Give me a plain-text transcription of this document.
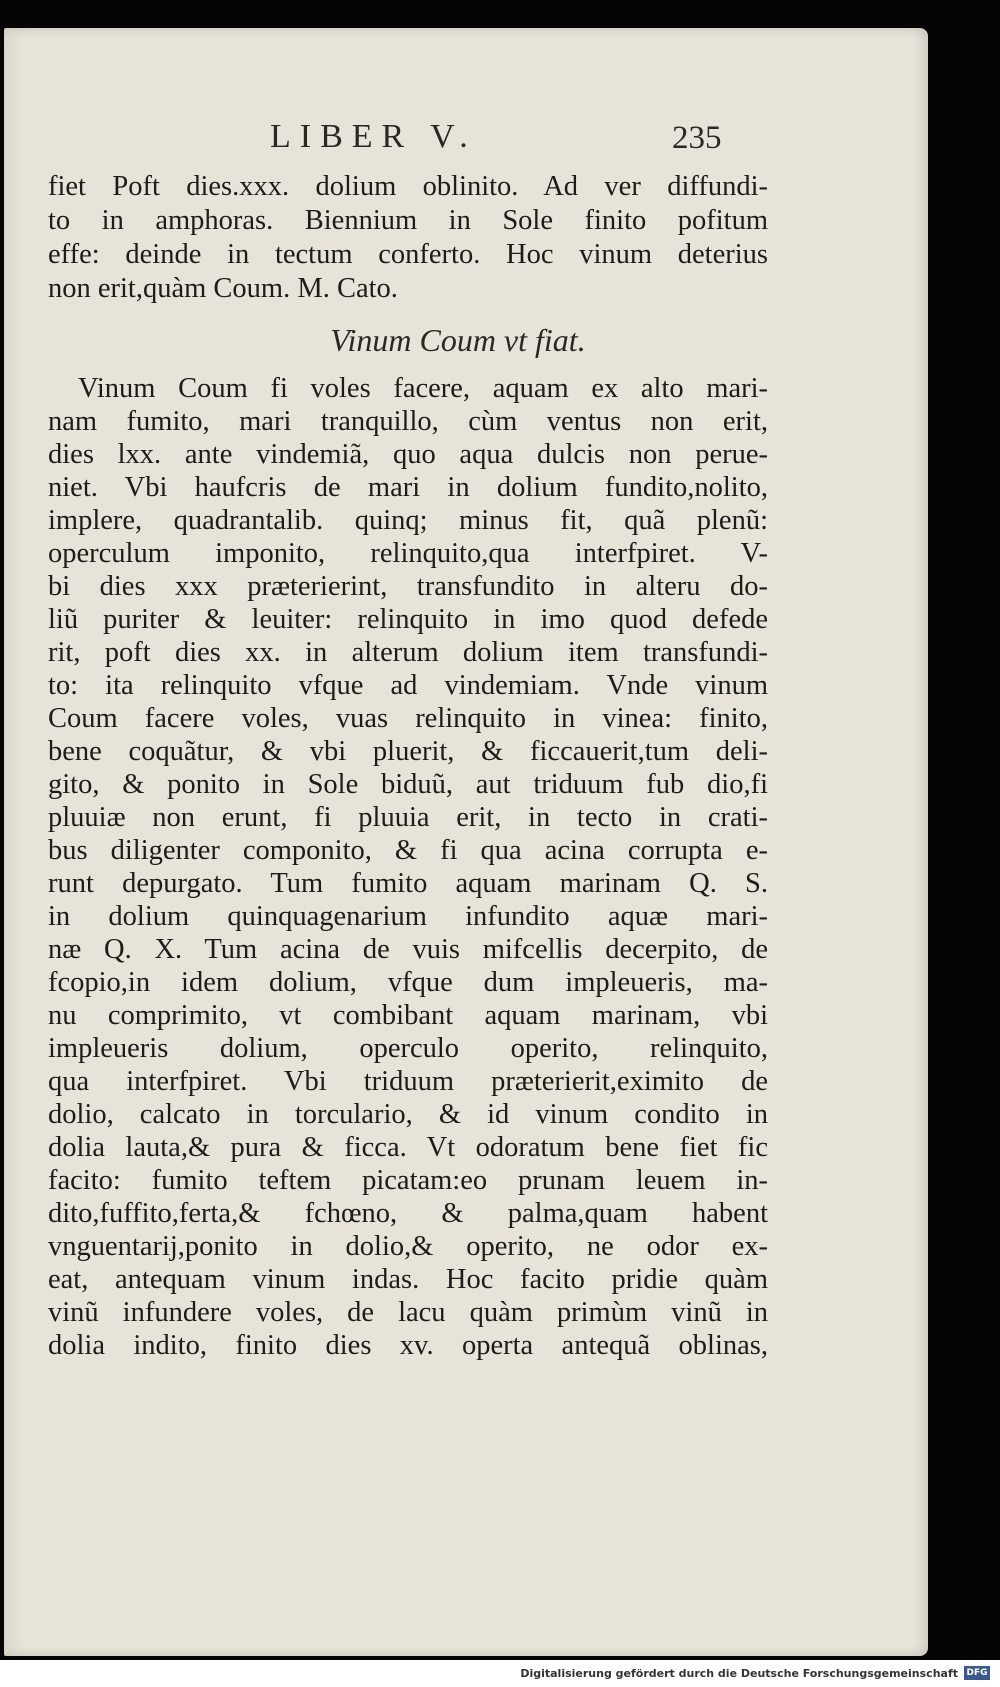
LIBER V.	235
fiet Poft dies.xxx. dolium oblinito. Ad ver diffundi-
to in amphoras. Biennium in Sole finito pofitum
effe: deinde in tectum conferto. Hoc vinum deterius
non erit,quàm Coum. M. Cato.
Vinum Coum vt fiat.
Vinum Coum fi voles facere, aquam ex alto mari-
nam fumito, mari tranquillo, cùm ventus non erit,
dies lxx. ante vindemiã, quo aqua dulcis non perue-
niet. Vbi haufcris de mari in dolium fundito,nolito,
implere, quadrantalib. quinq; minus fit, quã plenũ:
operculum imponito, relinquito,qua interfpiret. V-
bi dies xxx præterierint, transfundito in alteru do-
liũ puriter & leuiter: relinquito in imo quod defede
rit, poft dies xx. in alterum dolium item transfundi-
to: ita relinquito vfque ad vindemiam. Vnde vinum
Coum facere voles, vuas relinquito in vinea: finito,
bene coquãtur, & vbi pluerit, & ficcauerit,tum deli-
gito, & ponito in Sole biduũ, aut triduum fub dio,fi
pluuiæ non erunt, fi pluuia erit, in tecto in crati-
bus diligenter componito, & fi qua acina corrupta e-
runt depurgato. Tum fumito aquam marinam Q. S.
in dolium quinquagenarium infundito aquæ mari-
næ Q. X. Tum acina de vuis mifcellis decerpito, de
fcopio,in idem dolium, vfque dum impleueris, ma-
nu comprimito, vt combibant aquam marinam, vbi
impleueris dolium, operculo operito, relinquito,
qua interfpiret. Vbi triduum præterierit,eximito de
dolio, calcato in torculario, & id vinum condito in
dolia lauta,& pura & ficca. Vt odoratum bene fiet fic
facito: fumito teftem picatam:eo prunam leuem in-
dito,fuffito,ferta,& fchœno, & palma,quam habent
vnguentarij,ponito in dolio,& operito, ne odor ex-
eat, antequam vinum indas. Hoc facito pridie quàm
vinũ infundere voles, de lacu quàm primùm vinũ in
dolia indito, finito dies xv. operta antequã oblinas,
Digitalisierung gefördert durch die Deutsche Forschungsgemeinschaft DFG
